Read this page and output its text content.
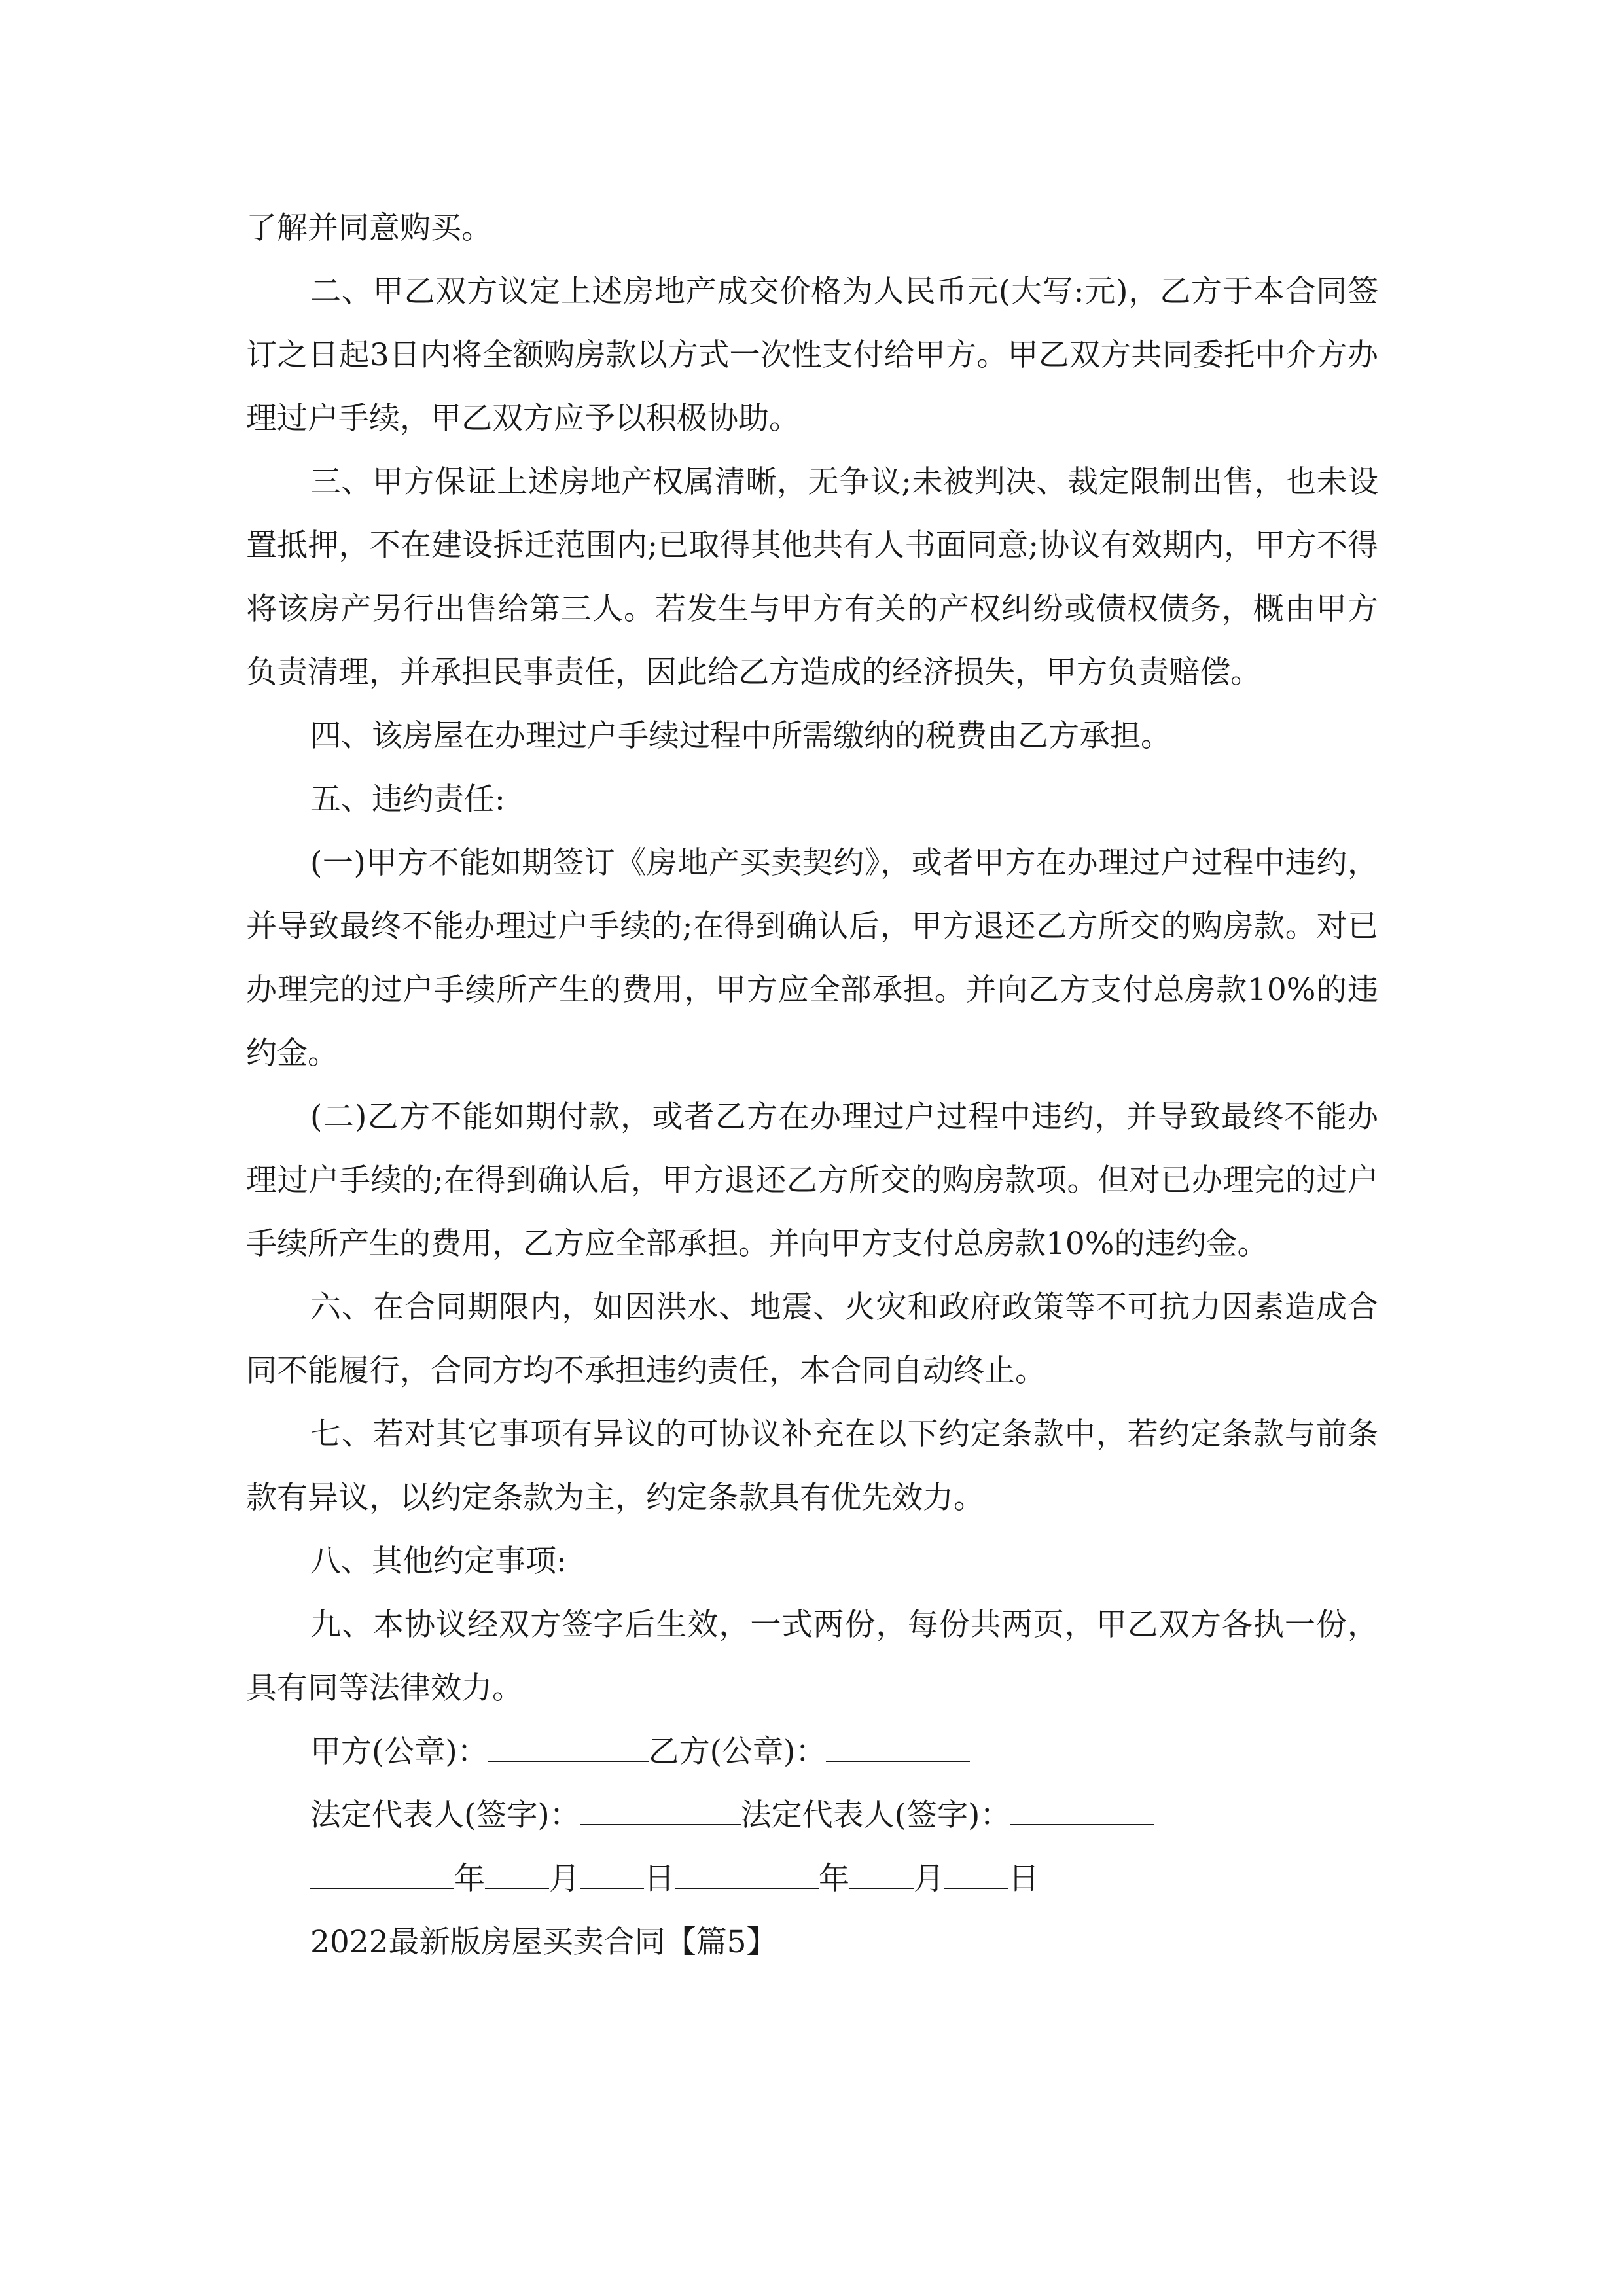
了解并同意购买。

二、甲乙双方议定上述房地产成交价格为人民币元(大写:元)，乙方于本合同签订之日起3日内将全额购房款以方式一次性支付给甲方。甲乙双方共同委托中介方办理过户手续，甲乙双方应予以积极协助。

三、甲方保证上述房地产权属清晰，无争议;未被判决、裁定限制出售，也未设置抵押，不在建设拆迁范围内;已取得其他共有人书面同意;协议有效期内，甲方不得将该房产另行出售给第三人。若发生与甲方有关的产权纠纷或债权债务，概由甲方负责清理，并承担民事责任，因此给乙方造成的经济损失，甲方负责赔偿。

四、该房屋在办理过户手续过程中所需缴纳的税费由乙方承担。

五、违约责任:

(一)甲方不能如期签订《房地产买卖契约》，或者甲方在办理过户过程中违约，并导致最终不能办理过户手续的;在得到确认后，甲方退还乙方所交的购房款。对已办理完的过户手续所产生的费用，甲方应全部承担。并向乙方支付总房款10%的违约金。

(二)乙方不能如期付款，或者乙方在办理过户过程中违约，并导致最终不能办理过户手续的;在得到确认后，甲方退还乙方所交的购房款项。但对已办理完的过户手续所产生的费用，乙方应全部承担。并向甲方支付总房款10%的违约金。

六、在合同期限内，如因洪水、地震、火灾和政府政策等不可抗力因素造成合同不能履行，合同方均不承担违约责任，本合同自动终止。

七、若对其它事项有异议的可协议补充在以下约定条款中，若约定条款与前条款有异议，以约定条款为主，约定条款具有优先效力。

八、其他约定事项:

九、本协议经双方签字后生效，一式两份，每份共两页，甲乙双方各执一份，具有同等法律效力。

甲方(公章)：	乙方(公章)：
法定代表人(签字)：	法定代表人(签字)：
年 月 日	年 月 日

2022最新版房屋买卖合同【篇5】
